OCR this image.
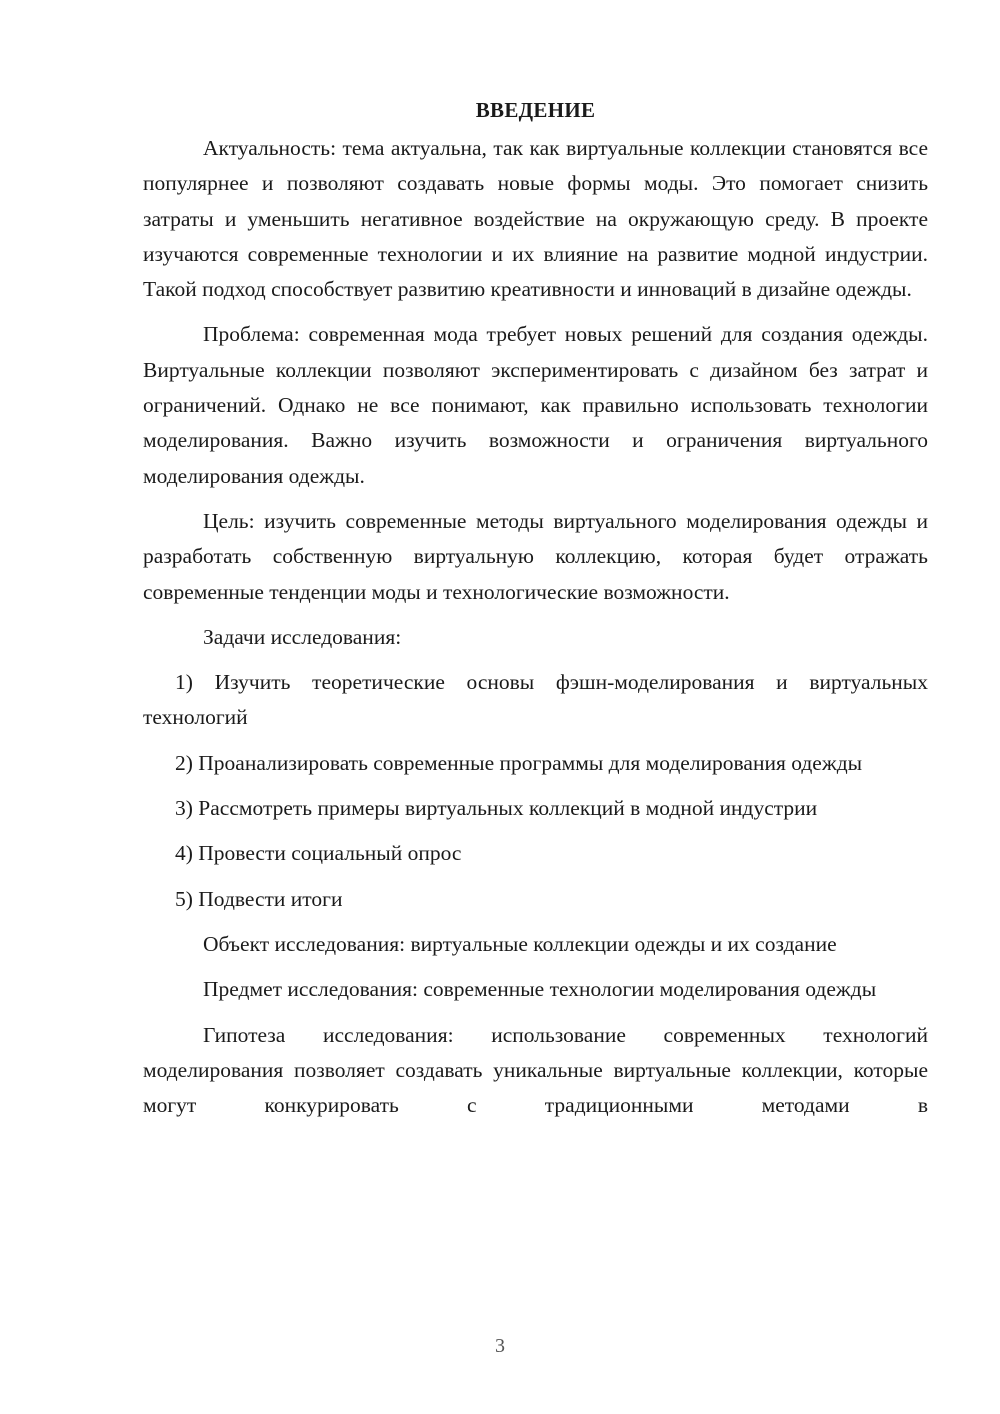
ВВЕДЕНИЕ

Актуальность: тема актуальна, так как виртуальные коллекции становятся все популярнее и позволяют создавать новые формы моды. Это помогает снизить затраты и уменьшить негативное воздействие на окружающую среду. В проекте изучаются современные технологии и их влияние на развитие модной индустрии. Такой подход способствует развитию креативности и инноваций в дизайне одежды.

Проблема: современная мода требует новых решений для создания одежды. Виртуальные коллекции позволяют экспериментировать с дизайном без затрат и ограничений. Однако не все понимают, как правильно использовать технологии моделирования. Важно изучить возможности и ограничения виртуального моделирования одежды.

Цель: изучить современные методы виртуального моделирования одежды и разработать собственную виртуальную коллекцию, которая будет отражать современные тенденции моды и технологические возможности.

Задачи исследования:

1) Изучить теоретические основы фэшн-моделирования и виртуальных технологий

2) Проанализировать современные программы для моделирования одежды

3) Рассмотреть примеры виртуальных коллекций в модной индустрии

4) Провести социальный опрос

5) Подвести итоги

Объект исследования: виртуальные коллекции одежды и их создание

Предмет исследования: современные технологии моделирования одежды

Гипотеза исследования: использование современных технологий моделирования позволяет создавать уникальные виртуальные коллекции, которые могут конкурировать с традиционными методами в

3
